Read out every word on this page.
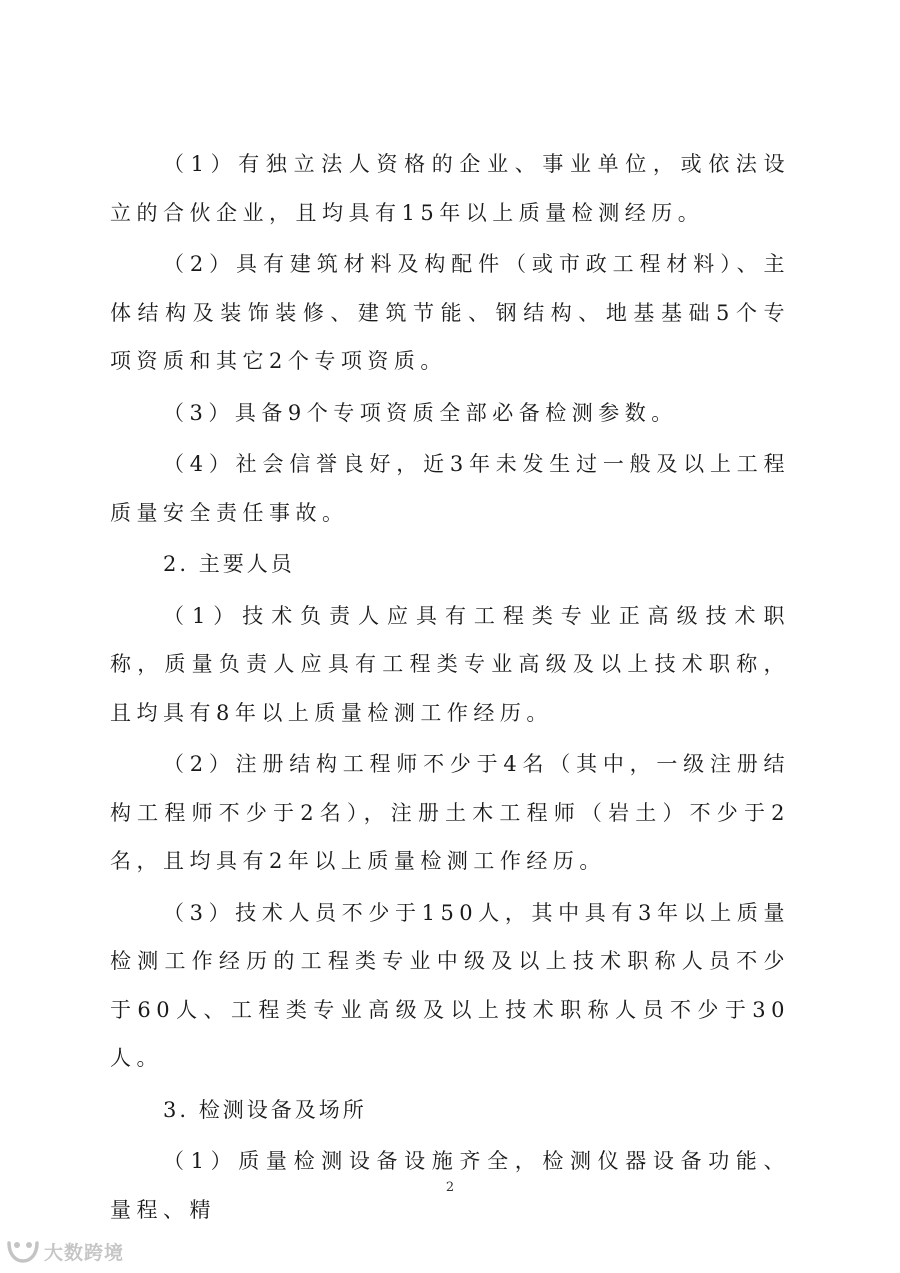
（1）有独立法人资格的企业、事业单位，或依法设立的合伙企业，且均具有15年以上质量检测经历。

（2）具有建筑材料及构配件（或市政工程材料）、主体结构及装饰装修、建筑节能、钢结构、地基基础5个专项资质和其它2个专项资质。

（3）具备9个专项资质全部必备检测参数。

（4）社会信誉良好，近3年未发生过一般及以上工程质量安全责任事故。

2. 主要人员

（1）技术负责人应具有工程类专业正高级技术职称，质量负责人应具有工程类专业高级及以上技术职称，且均具有8年以上质量检测工作经历。

（2）注册结构工程师不少于4名（其中，一级注册结构工程师不少于2名），注册土木工程师（岩土）不少于2名，且均具有2年以上质量检测工作经历。

（3）技术人员不少于150人，其中具有3年以上质量检测工作经历的工程类专业中级及以上技术职称人员不少于60人、工程类专业高级及以上技术职称人员不少于30人。

3. 检测设备及场所

（1）质量检测设备设施齐全，检测仪器设备功能、量程、精

2
大数跨境
